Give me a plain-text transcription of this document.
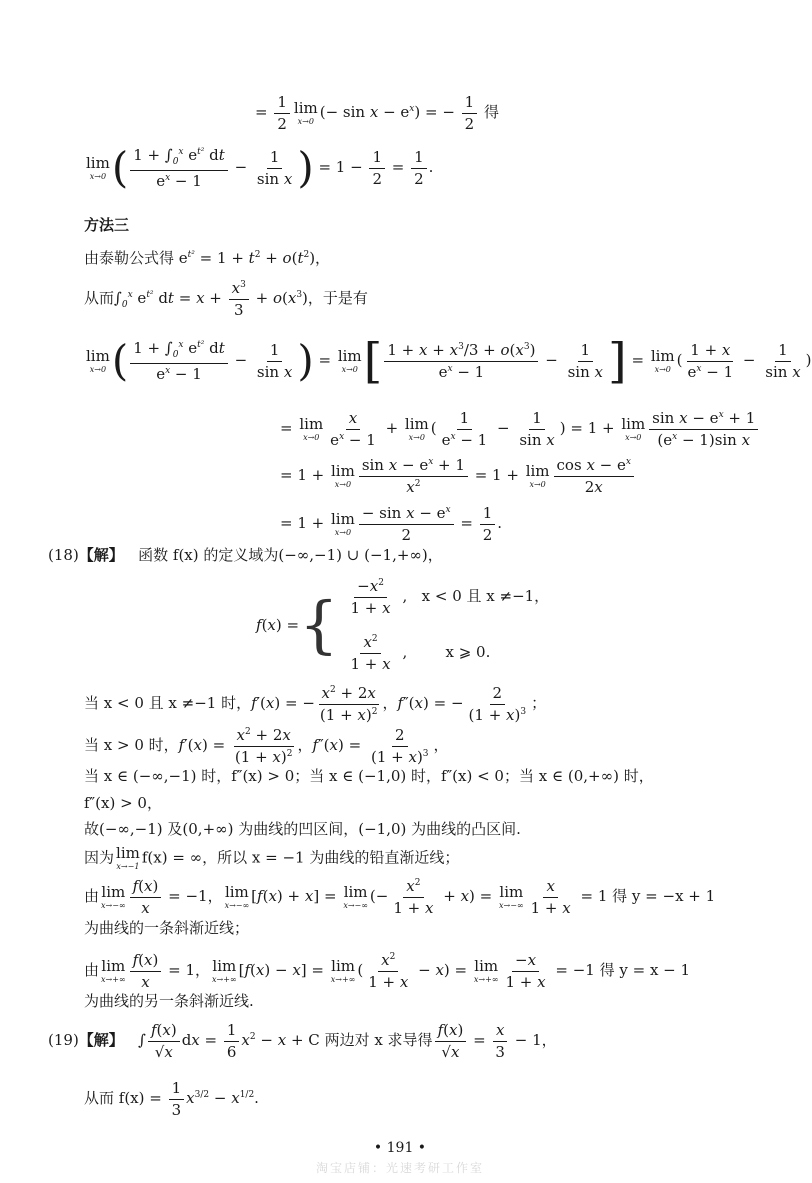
= $\frac{1}{2}$ lim
x→0 (− $\sin x - e^x$) = − $\frac{1}{2}$ 得
lim
x→0 ( $\frac{1 + \int_0^x e^{t^2} dt}{e^x - 1} - \frac{1}{\text{sin x}}$ ) = $1 - \frac{1}{2} = \frac{1}{2}$ .
方法三
由泰勒公式得 $e^{t^2} = 1 + t^2 + o(t^2)$，
从而$\int_0^x$ $e^{t^2}$ dt = $x + \frac{x^3}{3} + o(x^3)$，于是有
lim
x→0 ( $\frac{1 + \int_0^x e^{t^2} dt}{e^x - 1} - \frac{1}{\text{sin x}}$ ) = lim
x→0 [ $\frac{1 + x + x^3/3 + o(x^3)}{e^x - 1} - \frac{1}{\text{sin x}}$ ] = lim
x→0 ( $\frac{1 + x}{e^x - 1} - \frac{1}{\text{sin x}}$ )
= lim
$x\to 0 \frac{x}{e^x - 1} + \lim$
x→0 ( $\frac{1}{e^x - 1} - \frac{1}{\text{sin x}}$ ) = 1 + lim
$x\to 0 \frac{\sin x - e^x + 1}{(e^x - 1)\sin x}$
= 1 + lim
$x\to 0 \frac{\sin x - e^x + 1}{x^2} = 1 + \lim$
$x\to 0 \frac{\cos x - e^x}{2x}$
= 1 + lim
$x\to 0 \frac{- \sin x - e^x}{2} = \frac{1}{2}$ .
(18)【解】 函数 f(x) 的定义域为(−∞,−1) ∪ (−1,+∞)，
f ( x ) = { $\frac{-x^2}{1 + x}$ ,   x < 0 且 x ≠−1，
$\frac{x^2}{1 + x}$ ,        x ⩾ 0.
当 x < 0 且 x ≠−1 时，f′(x) = − $\frac{x^2 + 2x}{(1 + x)^2}$ ，f″(x) = − $\frac{2}{(1 + x)^3}$ ；
当 x > 0 时，$f'(x) = \frac{x^2 + 2x}{(1 + x)^2}$ ，$f''(x) = \frac{2}{(1 + x)^3}$ ，
当 x ∈ (−∞,−1) 时，f″(x) > 0；当 x ∈ (−1,0) 时，f″(x) < 0；当 x ∈ (0,+∞) 时，
f″(x) > 0，
故(−∞,−1) 及(0,+∞) 为曲线的凹区间，(−1,0) 为曲线的凸区间.
因为 lim
x→−1 f(x) = ∞，所以 x = −1 为曲线的铅直渐近线；
由 lim
$x\to-\infty \frac{f(x)}{x} = -1$， lim
x→−∞ [f(x) + x] = lim
x→−∞ (− $\frac{x^2}{1 + x} + x) = \lim$
$x\to-\infty \frac{x}{1 + x} = 1$ 得 y = −x + 1
为曲线的一条斜渐近线；
由 lim
$x\to+\infty \frac{f(x)}{x} = 1$， lim
x→+∞ [f(x) − x] = lim
x→+∞ ( $\frac{x^2}{1 + x} - x) = \lim$
$x\to+\infty \frac{-x}{1 + x} = -1$ 得 y = x − 1
为曲线的另一条斜渐近线.
(19)【解】   ∫ $\frac{f(x)}{√x}$ dx = $\frac{1}{6} x^2 - x + C$ 两边对 x 求导得 $\frac{f(x)}{√x} = \frac{x}{3} - 1$，
从而 $f(x) = \frac{1}{3} x^{3/2} - x^{1/2}$.
• 191 •
淘宝店铺：光速考研工作室
